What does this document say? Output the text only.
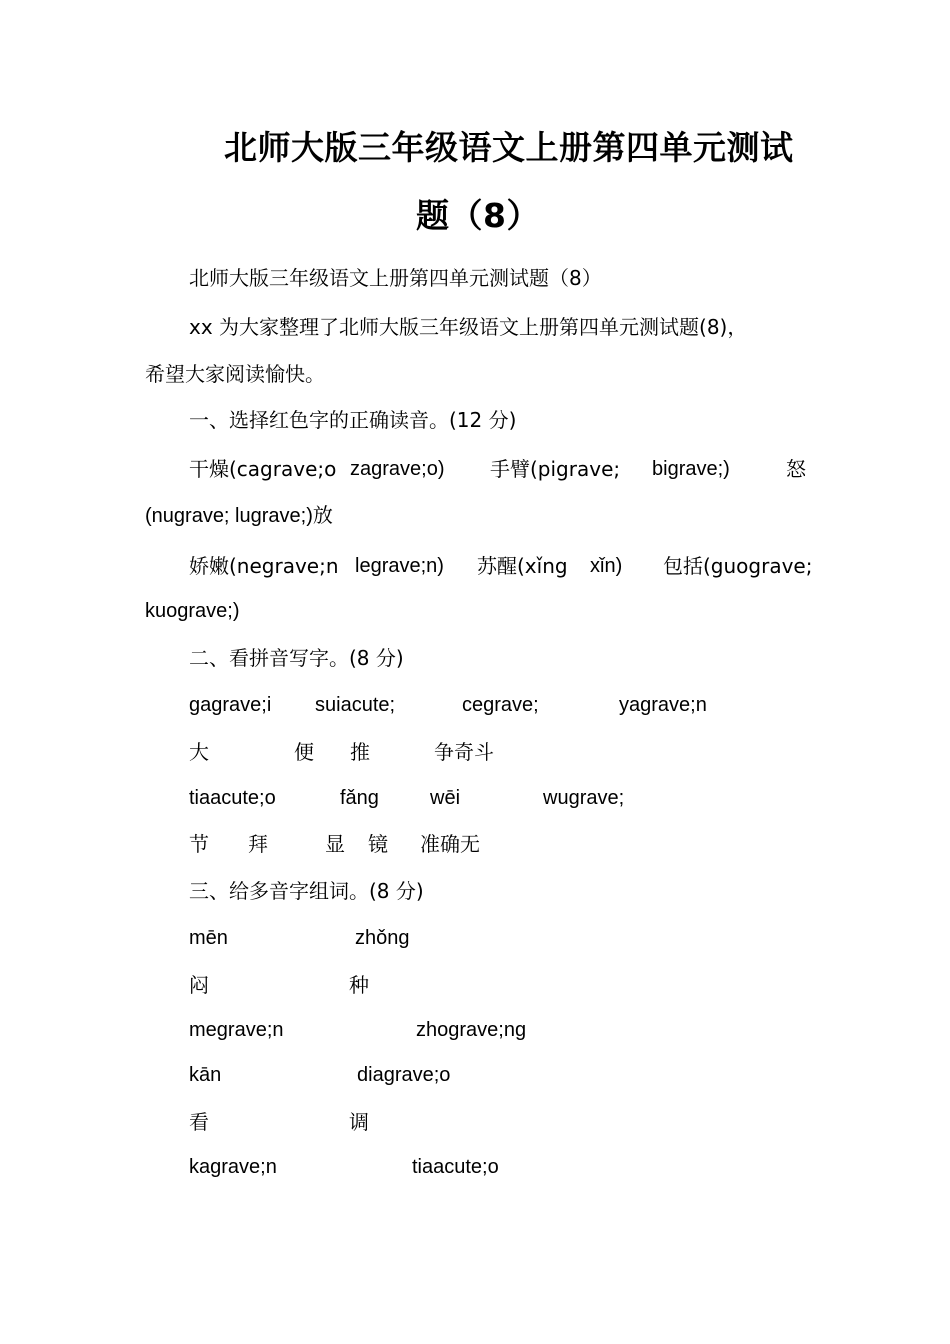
北师大版三年级语文上册第四单元测试
题（8）
北师大版三年级语文上册第四单元测试题（8）
xx 为大家整理了北师大版三年级语文上册第四单元测试题(8)，
希望大家阅读愉快。
一、选择红色字的正确读音。(12 分)
干燥(cagrave;o zagrave;o) 手臂(pigrave; bigrave;)	怒
(nugrave; lugrave;)放
娇嫩(negrave;n legrave;n) 苏醒(xǐng xǐn) 包括(guograve;
kuograve;)
二、看拼音写字。(8 分)
gagrave;i suiacute;	cegrave;	yagrave;n
大	便 推	争奇斗
tiaacute;o	fǎng	wēi	wugrave;
节 拜	显 镜 准确无
三、给多音字组词。(8 分)
mēn	zhǒng
闷	种
megrave;n	zhograve;ng
kān	diagrave;o
看	调
kagrave;n	tiaacute;o
